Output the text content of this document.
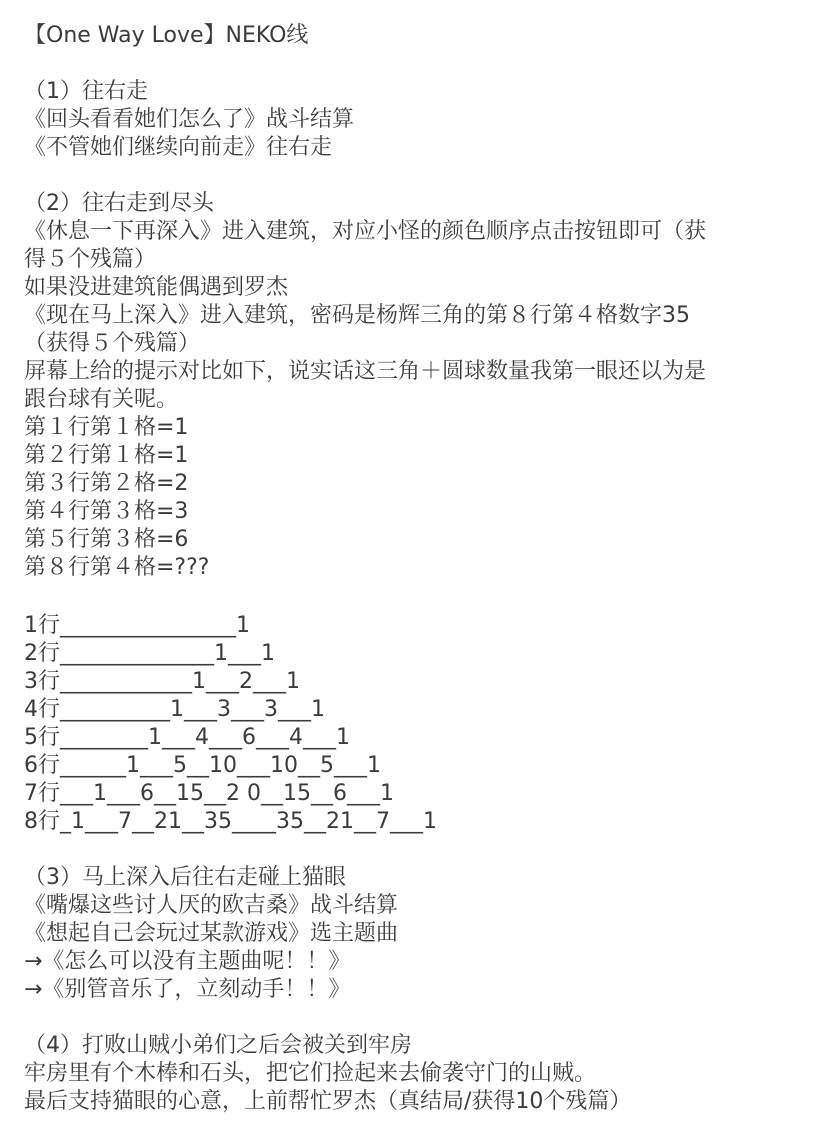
【One Way Love】NEKO线
（1）往右走
《回头看看她们怎么了》战斗结算
《不管她们继续向前走》往右走
（2）往右走到尽头
《休息一下再深入》进入建筑，对应小怪的颜色顺序点击按钮即可（获
得５个残篇）
如果没进建筑能偶遇到罗杰
《现在马上深入》进入建筑，密码是杨辉三角的第８行第４格数字35
（获得５个残篇）
屏幕上给的提示对比如下，说实话这三角＋圆球数量我第一眼还以为是
跟台球有关呢。
第１行第１格=1
第２行第１格=1
第３行第２格=2
第４行第３格=3
第５行第３格=6
第８行第４格=???
1行________________1
2行______________1___1
3行____________1___2___1
4行__________1___3___3___1
5行________1___4___6___4___1
6行______1___5__10___10__5___1
7行___1___6__15__2 0__15__6___1
8行_1___7__21__35____35__21__7___1
（3）马上深入后往右走碰上猫眼
《嘴爆这些讨人厌的欧吉桑》战斗结算
《想起自己会玩过某款游戏》选主题曲
→《怎么可以没有主题曲呢！！》
→《别管音乐了，立刻动手！！》
（4）打败山贼小弟们之后会被关到牢房
牢房里有个木棒和石头，把它们捡起来去偷袭守门的山贼。
最后支持猫眼的心意，上前帮忙罗杰（真结局/获得10个残篇）
